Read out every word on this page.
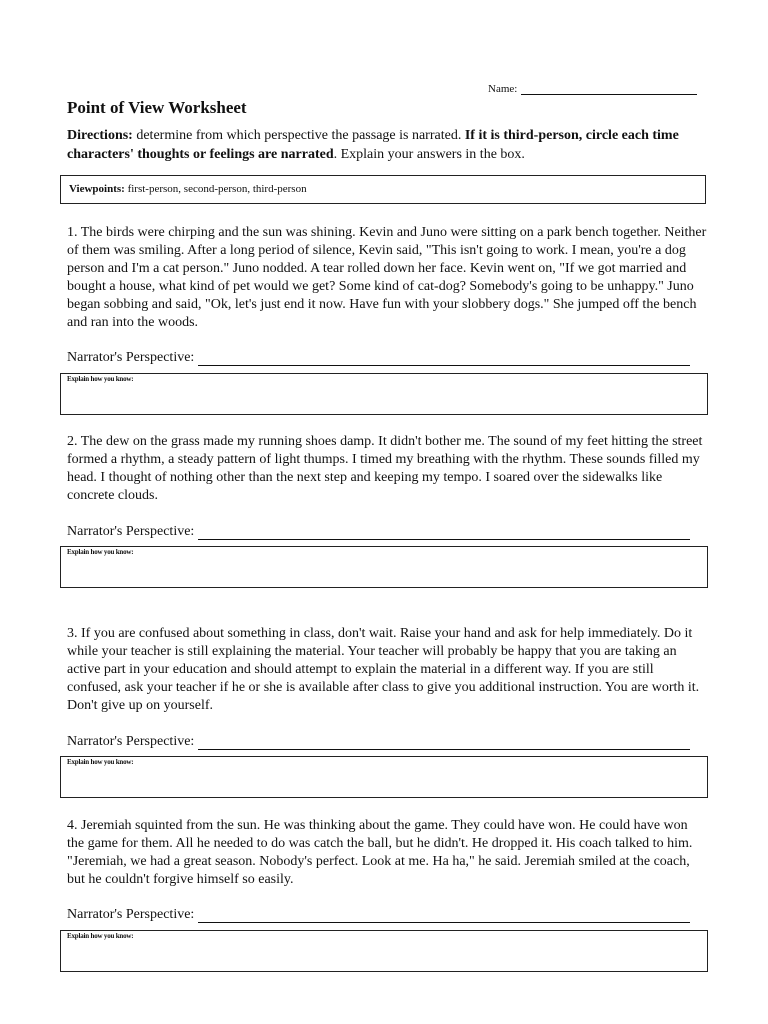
Name:
Point of View Worksheet

Directions: determine from which perspective the passage is narrated. If it is third-person, circle each time characters' thoughts or feelings are narrated. Explain your answers in the box.

Viewpoints: first-person, second-person, third-person

1. The birds were chirping and the sun was shining. Kevin and Juno were sitting on a park bench together. Neither of them was smiling. After a long period of silence, Kevin said, "This isn't going to work. I mean, you're a dog person and I'm a cat person." Juno nodded. A tear rolled down her face. Kevin went on, "If we got married and bought a house, what kind of pet would we get? Some kind of cat-dog? Somebody's going to be unhappy." Juno began sobbing and said, "Ok, let's just end it now. Have fun with your slobbery dogs." She jumped off the bench and ran into the woods.

Narrator's Perspective:
Explain how you know:

2. The dew on the grass made my running shoes damp. It didn't bother me. The sound of my feet hitting the street formed a rhythm, a steady pattern of light thumps. I timed my breathing with the rhythm. These sounds filled my head. I thought of nothing other than the next step and keeping my tempo. I soared over the sidewalks like concrete clouds.

Narrator's Perspective:
Explain how you know:

3. If you are confused about something in class, don't wait. Raise your hand and ask for help immediately. Do it while your teacher is still explaining the material. Your teacher will probably be happy that you are taking an active part in your education and should attempt to explain the material in a different way. If you are still confused, ask your teacher if he or she is available after class to give you additional instruction. You are worth it. Don't give up on yourself.

Narrator's Perspective:
Explain how you know:

4. Jeremiah squinted from the sun. He was thinking about the game. They could have won. He could have won the game for them. All he needed to do was catch the ball, but he didn't. He dropped it. His coach talked to him. "Jeremiah, we had a great season. Nobody's perfect. Look at me. Ha ha," he said. Jeremiah smiled at the coach, but he couldn't forgive himself so easily.

Narrator's Perspective:
Explain how you know:
